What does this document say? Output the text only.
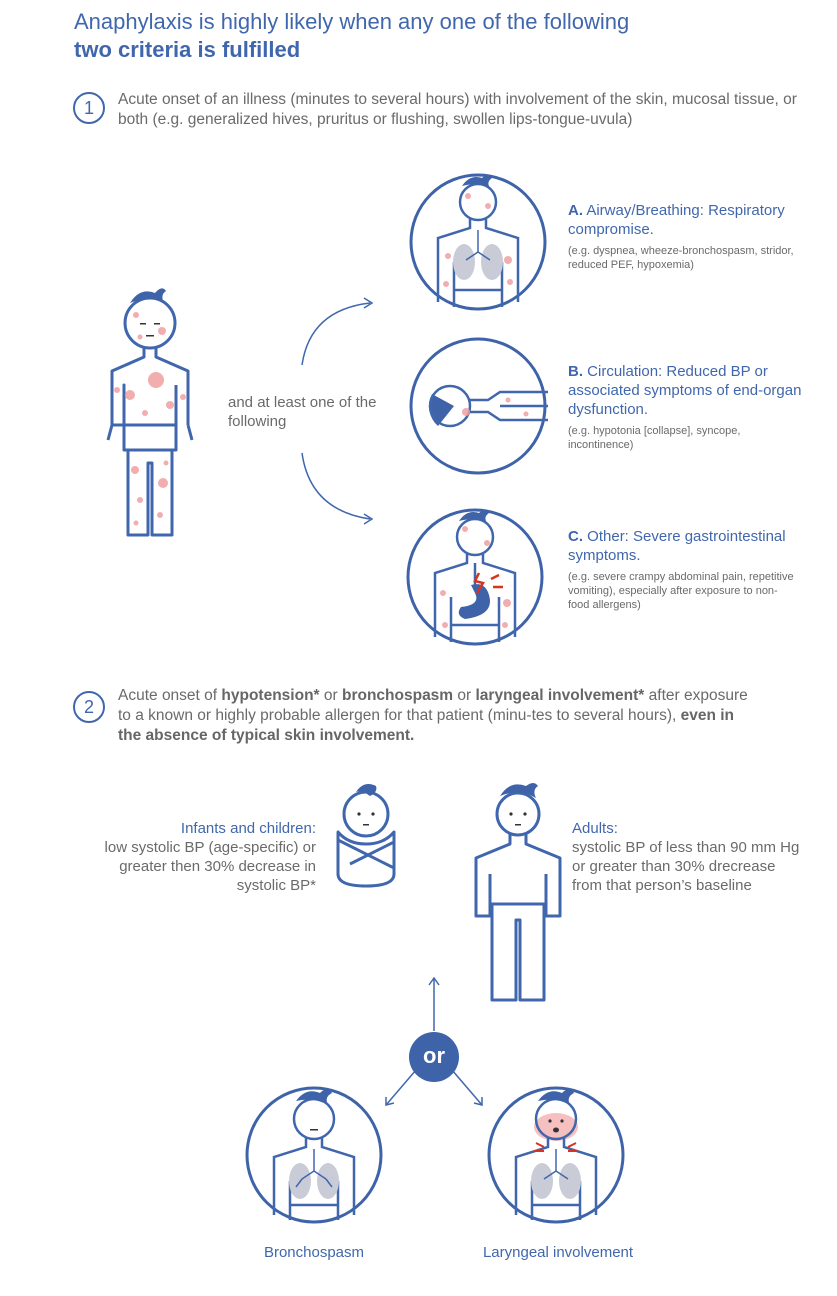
Anaphylaxis is highly likely when any one of the following
two criteria is fulfilled
1	Acute onset of an illness (minutes to several hours) with involvement of the skin, mucosal tissue, or both (e.g. generalized hives, pruritus or flushing, swollen lips-tongue-uvula)
and at least one of the following
A. Airway/Breathing: Respiratory compromise.
(e.g. dyspnea, wheeze-bronchospasm, stridor, reduced PEF, hypoxemia)
B. Circulation: Reduced BP or associated symptoms of end-organ dysfunction.
(e.g. hypotonia [collapse], syncope, incontinence)
C. Other: Severe gastrointestinal symptoms.
(e.g. severe crampy abdominal pain, repetitive vomiting), especially after exposure to non-food allergens)
2
Acute onset of hypotension* or bronchospasm or laryngeal involvement* after exposure to a known or highly probable allergen for that patient (minu-tes to several hours), even in the absence of typical skin involvement.
Infants and children:
low systolic BP (age-specific) or greater then 30% decrease in systolic BP*
Adults:
systolic BP of less than 90 mm Hg or greater than 30% drecrease from that person’s baseline
or
Bronchospasm	Laryngeal involvement
